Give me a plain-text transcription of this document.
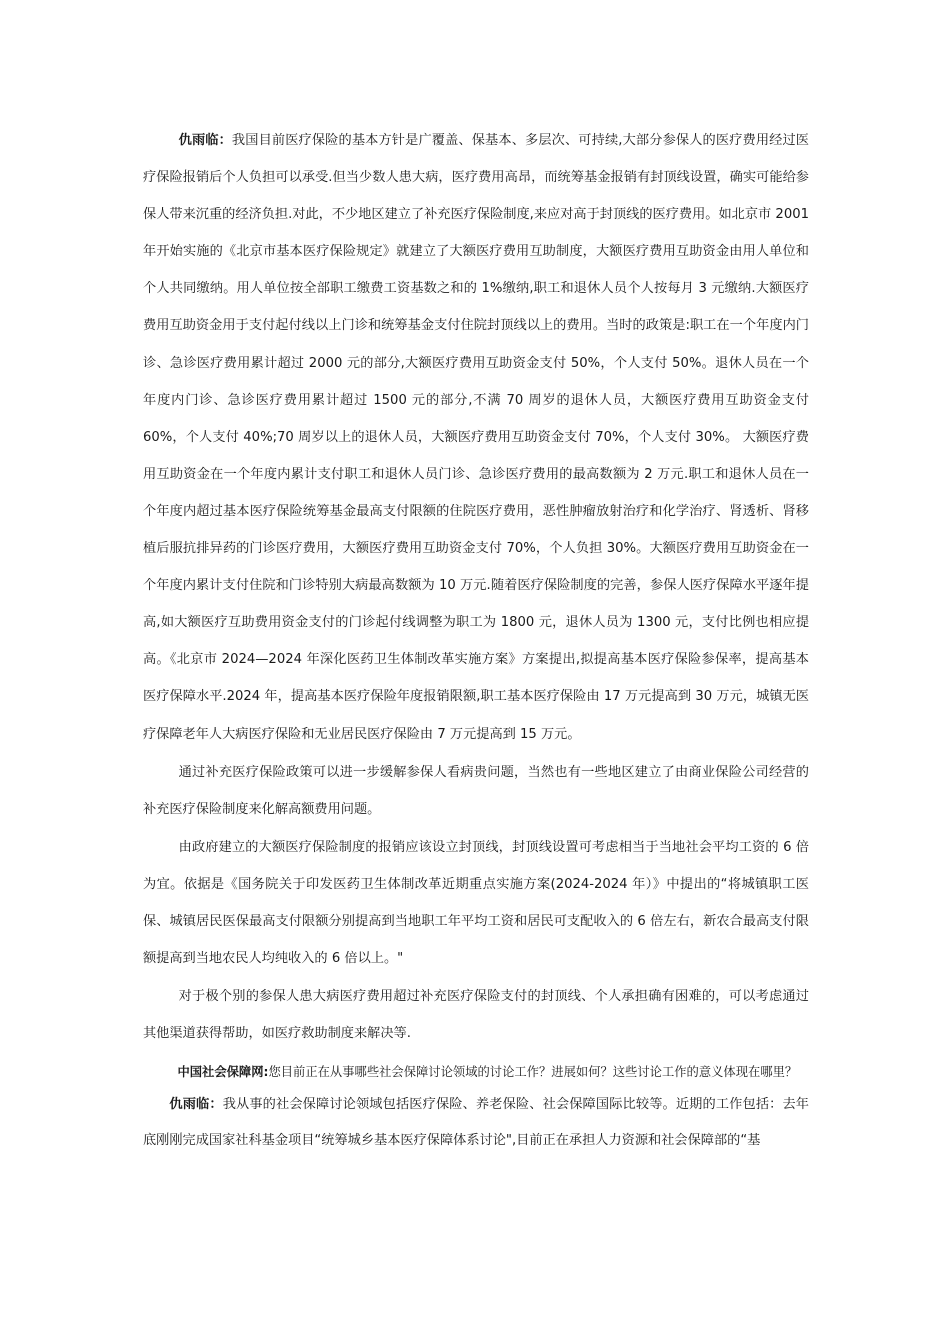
仇雨临：我国目前医疗保险的基本方针是广覆盖、保基本、多层次、可持续,大部分参保人的医疗费用经过医疗保险报销后个人负担可以承受.但当少数人患大病，医疗费用高昂，而统筹基金报销有封顶线设置，确实可能给参保人带来沉重的经济负担.对此，不少地区建立了补充医疗保险制度,来应对高于封顶线的医疗费用。如北京市 2001 年开始实施的《北京市基本医疗保险规定》就建立了大额医疗费用互助制度，大额医疗费用互助资金由用人单位和个人共同缴纳。用人单位按全部职工缴费工资基数之和的 1%缴纳,职工和退休人员个人按每月 3 元缴纳.大额医疗费用互助资金用于支付起付线以上门诊和统筹基金支付住院封顶线以上的费用。当时的政策是:职工在一个年度内门诊、急诊医疗费用累计超过 2000 元的部分,大额医疗费用互助资金支付 50%，个人支付 50%。退休人员在一个年度内门诊、急诊医疗费用累计超过 1500 元的部分,不满 70 周岁的退休人员，大额医疗费用互助资金支付 60%，个人支付 40%;70 周岁以上的退休人员，大额医疗费用互助资金支付 70%，个人支付 30%。 大额医疗费用互助资金在一个年度内累计支付职工和退休人员门诊、急诊医疗费用的最高数额为 2 万元.职工和退休人员在一个年度内超过基本医疗保险统筹基金最高支付限额的住院医疗费用，恶性肿瘤放射治疗和化学治疗、肾透析、肾移植后服抗排异药的门诊医疗费用，大额医疗费用互助资金支付 70%，个人负担 30%。大额医疗费用互助资金在一个年度内累计支付住院和门诊特别大病最高数额为 10 万元.随着医疗保险制度的完善，参保人医疗保障水平逐年提高,如大额医疗互助费用资金支付的门诊起付线调整为职工为 1800 元，退休人员为 1300 元，支付比例也相应提高。《北京市 2024—2024 年深化医药卫生体制改革实施方案》方案提出,拟提高基本医疗保险参保率，提高基本医疗保障水平.2024 年，提高基本医疗保险年度报销限额,职工基本医疗保险由 17 万元提高到 30 万元，城镇无医疗保障老年人大病医疗保险和无业居民医疗保险由 7 万元提高到 15 万元。

通过补充医疗保险政策可以进一步缓解参保人看病贵问题，当然也有一些地区建立了由商业保险公司经营的补充医疗保险制度来化解高额费用问题。

由政府建立的大额医疗保险制度的报销应该设立封顶线，封顶线设置可考虑相当于当地社会平均工资的 6 倍为宜。依据是《国务院关于印发医药卫生体制改革近期重点实施方案(2024-2024 年）》中提出的“将城镇职工医保、城镇居民医保最高支付限额分别提高到当地职工年平均工资和居民可支配收入的 6 倍左右，新农合最高支付限额提高到当地农民人均纯收入的 6 倍以上。"

对于极个别的参保人患大病医疗费用超过补充医疗保险支付的封顶线、个人承担确有困难的，可以考虑通过其他渠道获得帮助，如医疗救助制度来解决等.

中国社会保障网:您目前正在从事哪些社会保障讨论领域的讨论工作？进展如何？这些讨论工作的意义体现在哪里？

仇雨临：我从事的社会保障讨论领域包括医疗保险、养老保险、社会保障国际比较等。近期的工作包括：去年底刚刚完成国家社科基金项目“统筹城乡基本医疗保障体系讨论",目前正在承担人力资源和社会保障部的“基
